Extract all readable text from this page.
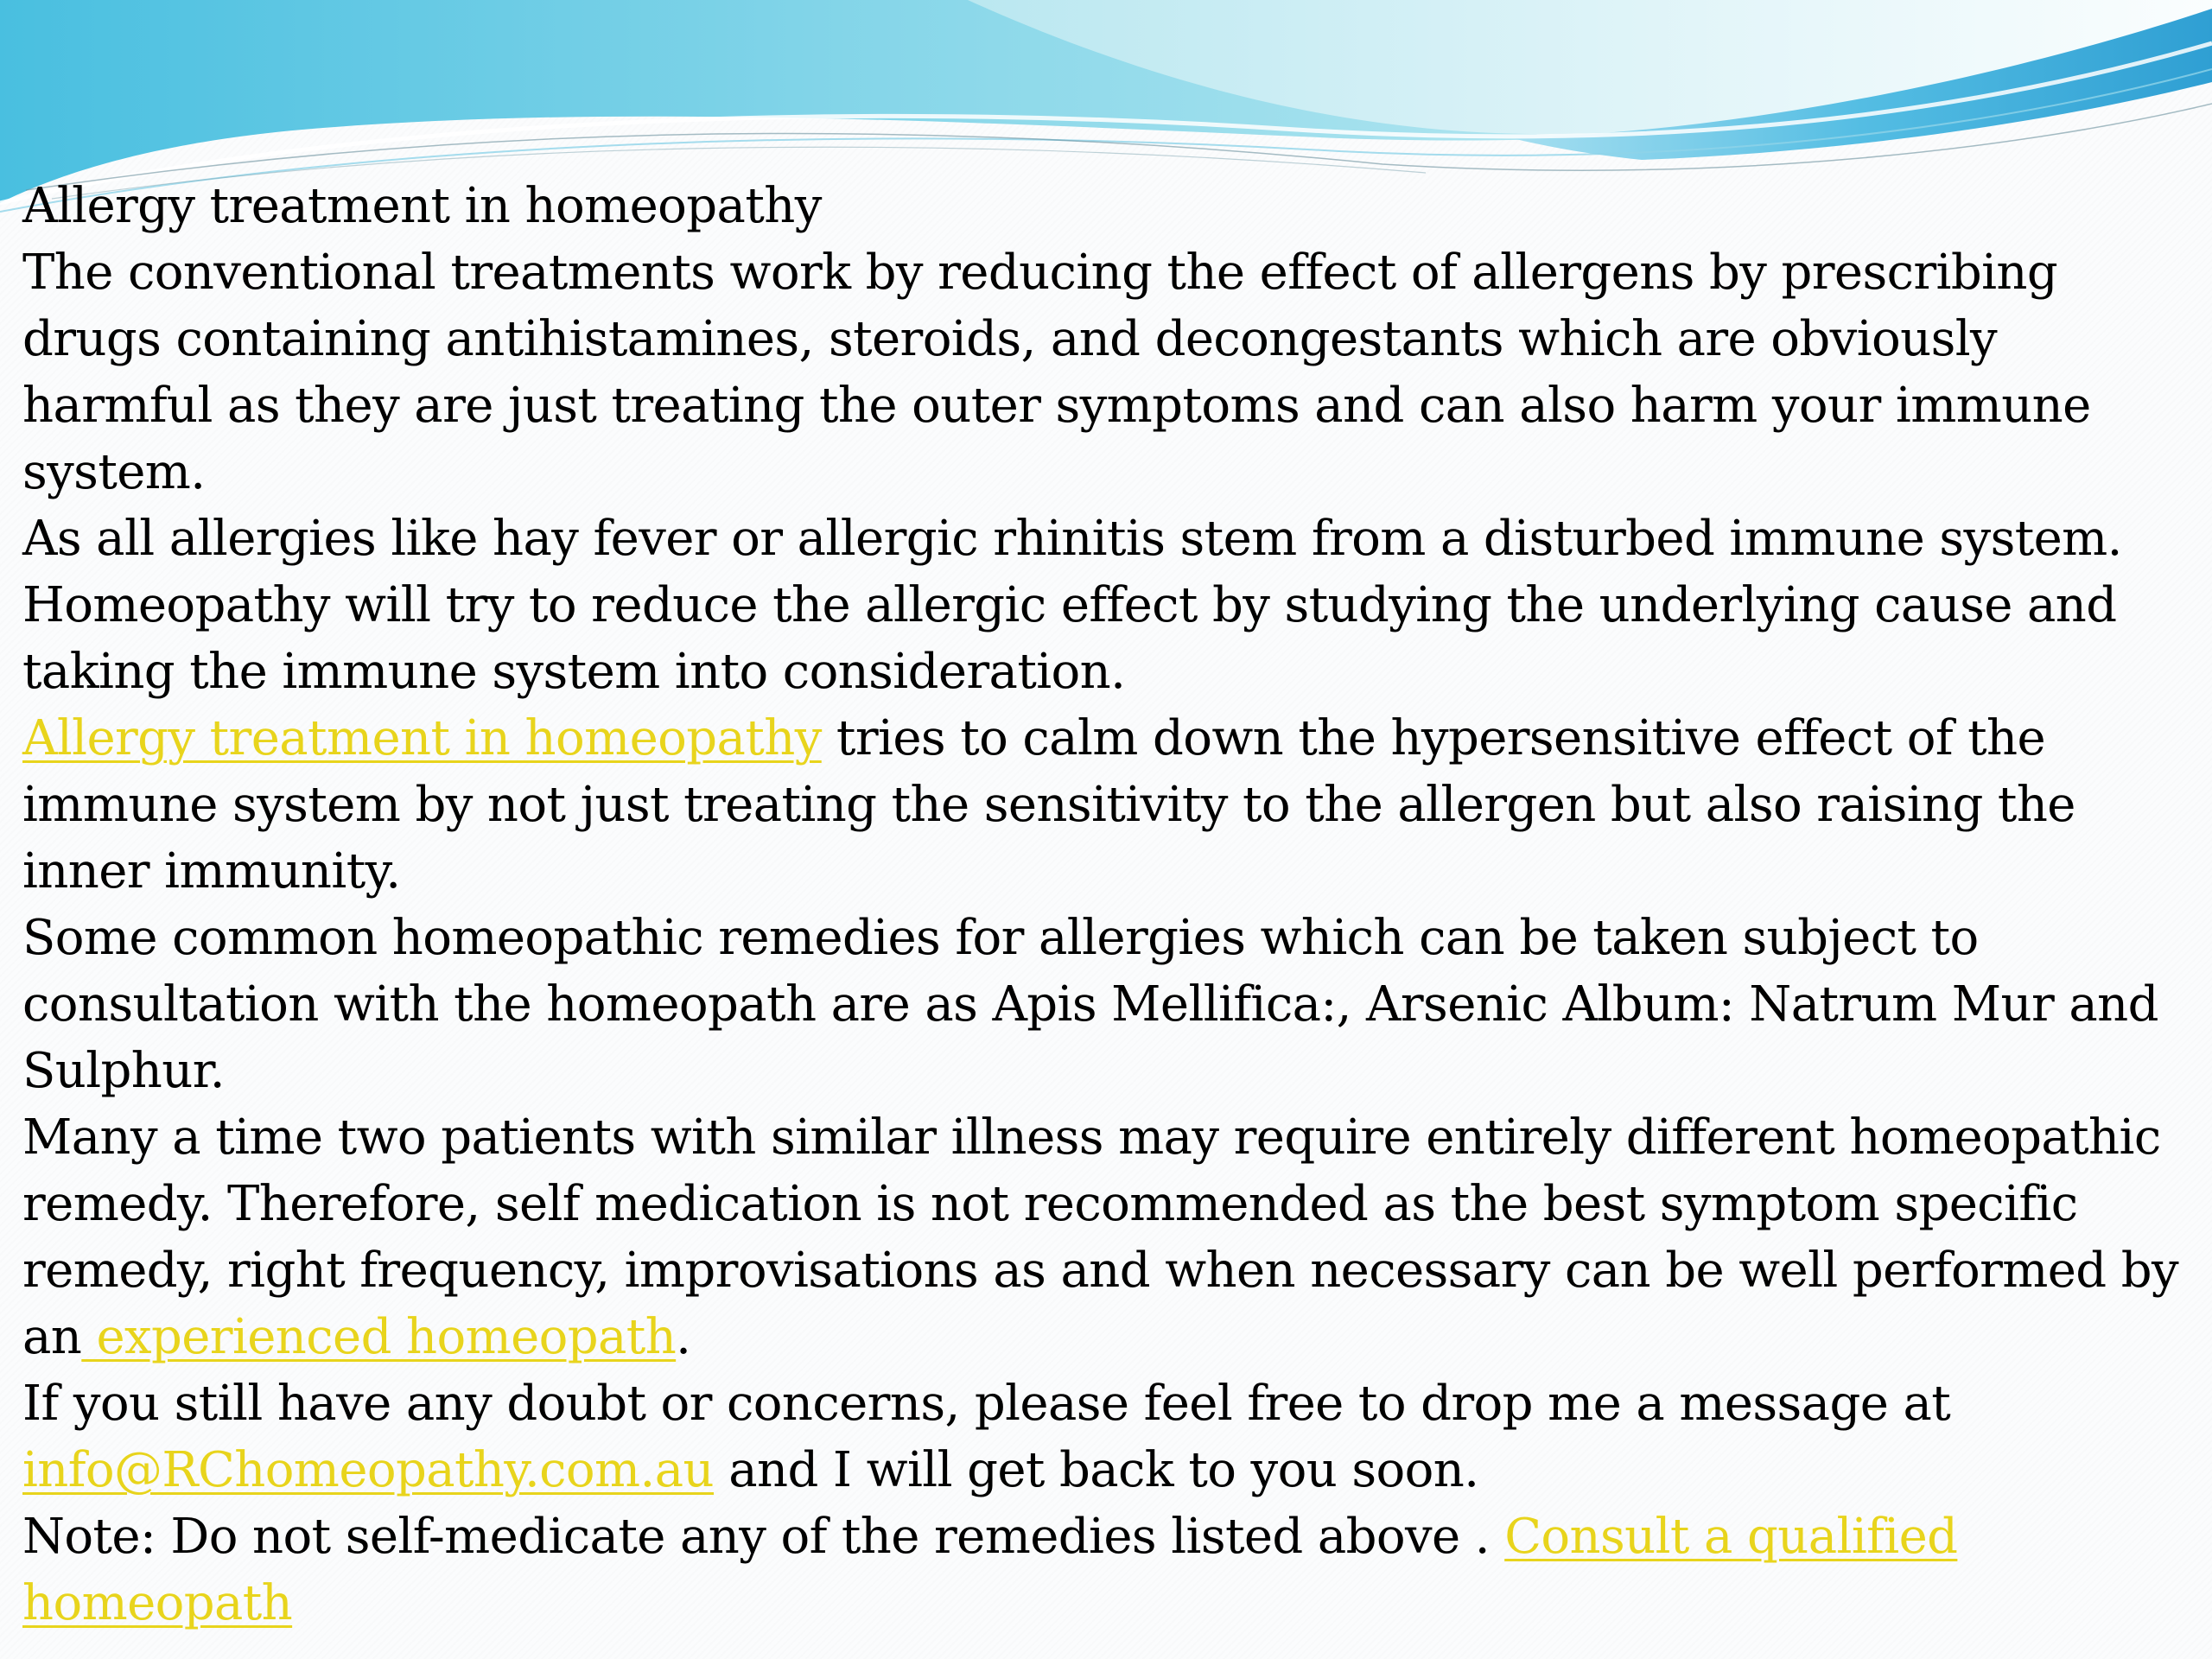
Allergy treatment in homeopathy

The conventional treatments work by reducing the effect of allergens by prescribing drugs containing antihistamines, steroids, and decongestants which are obviously harmful as they are just treating the outer symptoms and can also harm your immune system.

As all allergies like hay fever or allergic rhinitis stem from a disturbed immune system. Homeopathy will try to reduce the allergic effect by studying the underlying cause and taking the immune system into consideration.

Allergy treatment in homeopathy tries to calm down the hypersensitive effect of the immune system by not just treating the sensitivity to the allergen but also raising the inner immunity.

Some common homeopathic remedies for allergies which can be taken subject to consultation with the homeopath are as Apis Mellifica:, Arsenic Album: Natrum Mur and Sulphur.

Many a time two patients with similar illness may require entirely different homeopathic remedy. Therefore, self medication is not recommended as the best symptom specific remedy, right frequency, improvisations as and when necessary can be well performed by an experienced homeopath.

If you still have any doubt or concerns, please feel free to drop me a message at info@RChomeopathy.com.au and I will get back to you soon.

Note: Do not self-medicate any of the remedies listed above . Consult a qualified homeopath
